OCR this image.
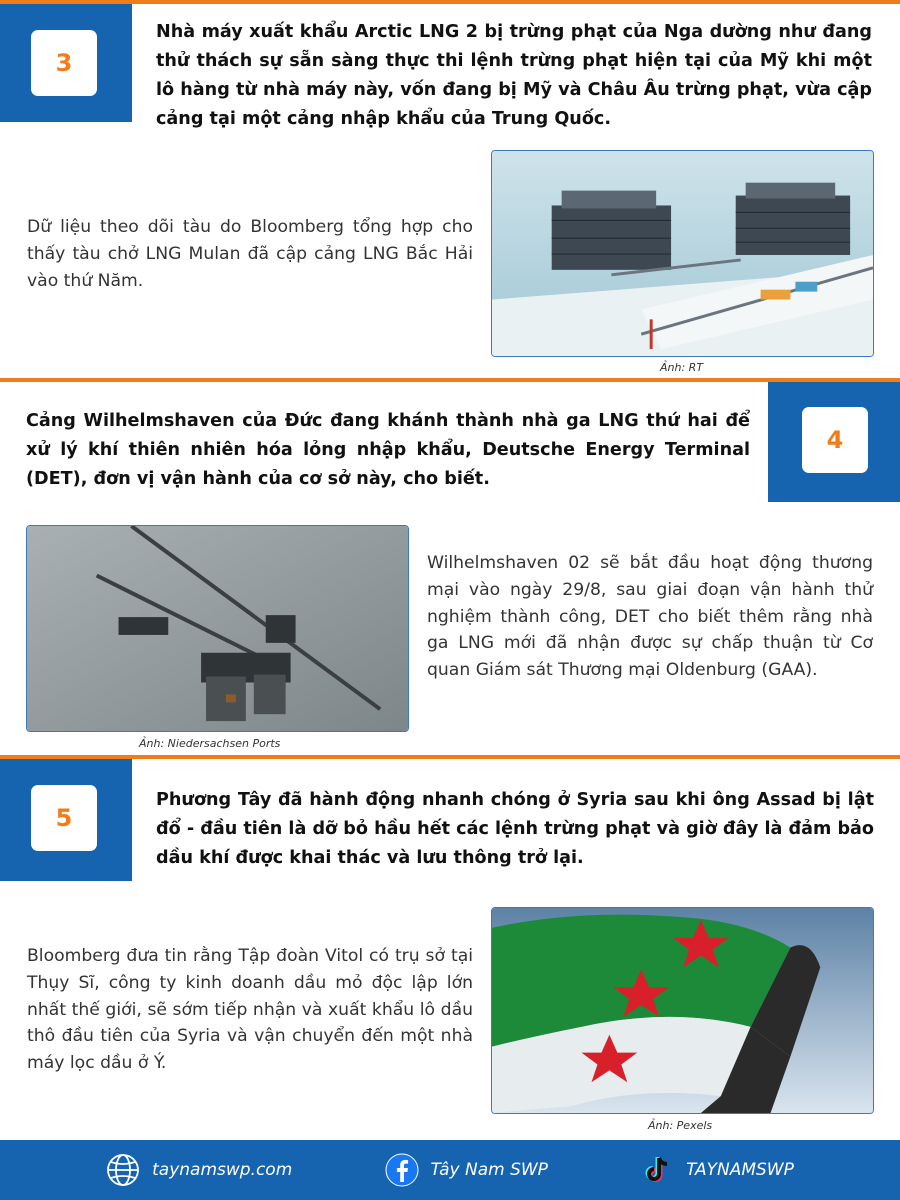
3

Nhà máy xuất khẩu Arctic LNG 2 bị trừng phạt của Nga dường như đang thử thách sự sẵn sàng thực thi lệnh trừng phạt hiện tại của Mỹ khi một lô hàng từ nhà máy này, vốn đang bị Mỹ và Châu Âu trừng phạt, vừa cập cảng tại một cảng nhập khẩu của Trung Quốc.

Dữ liệu theo dõi tàu do Bloomberg tổng hợp cho thấy tàu chở LNG Mulan đã cập cảng LNG Bắc Hải vào thứ Năm.

Ảnh: RT
4

Cảng Wilhelmshaven của Đức đang khánh thành nhà ga LNG thứ hai để xử lý khí thiên nhiên hóa lỏng nhập khẩu, Deutsche Energy Terminal (DET), đơn vị vận hành của cơ sở này, cho biết.

Ảnh: Niedersachsen Ports

Wilhelmshaven 02 sẽ bắt đầu hoạt động thương mại vào ngày 29/8, sau giai đoạn vận hành thử nghiệm thành công, DET cho biết thêm rằng nhà ga LNG mới đã nhận được sự chấp thuận từ Cơ quan Giám sát Thương mại Oldenburg (GAA).

5

Phương Tây đã hành động nhanh chóng ở Syria sau khi ông Assad bị lật đổ - đầu tiên là dỡ bỏ hầu hết các lệnh trừng phạt và giờ đây là đảm bảo dầu khí được khai thác và lưu thông trở lại.

Bloomberg đưa tin rằng Tập đoàn Vitol có trụ sở tại Thụy Sĩ, công ty kinh doanh dầu mỏ độc lập lớn nhất thế giới, sẽ sớm tiếp nhận và xuất khẩu lô dầu thô đầu tiên của Syria và vận chuyển đến một nhà máy lọc dầu ở Ý.

Ảnh: Pexels
taynamswp.com	Tây Nam SWP	TAYNAMSWP
